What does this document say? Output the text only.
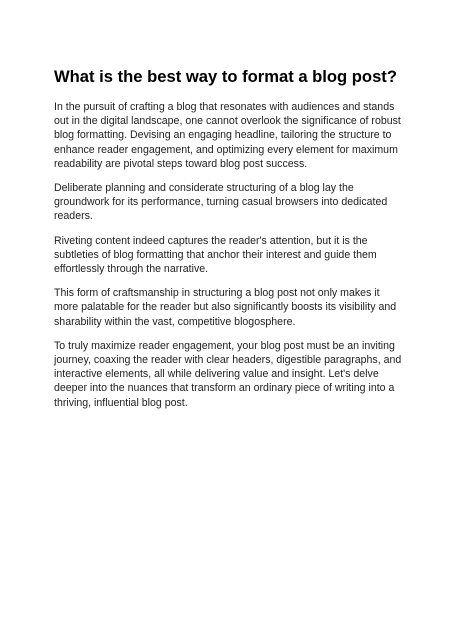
What is the best way to format a blog post?

In the pursuit of crafting a blog that resonates with audiences and stands out in the digital landscape, one cannot overlook the significance of robust blog formatting. Devising an engaging headline, tailoring the structure to enhance reader engagement, and optimizing every element for maximum readability are pivotal steps toward blog post success.

Deliberate planning and considerate structuring of a blog lay the groundwork for its performance, turning casual browsers into dedicated readers.

Riveting content indeed captures the reader's attention, but it is the subtleties of blog formatting that anchor their interest and guide them effortlessly through the narrative.

This form of craftsmanship in structuring a blog post not only makes it more palatable for the reader but also significantly boosts its visibility and sharability within the vast, competitive blogosphere.

To truly maximize reader engagement, your blog post must be an inviting journey, coaxing the reader with clear headers, digestible paragraphs, and interactive elements, all while delivering value and insight. Let's delve deeper into the nuances that transform an ordinary piece of writing into a thriving, influential blog post.
